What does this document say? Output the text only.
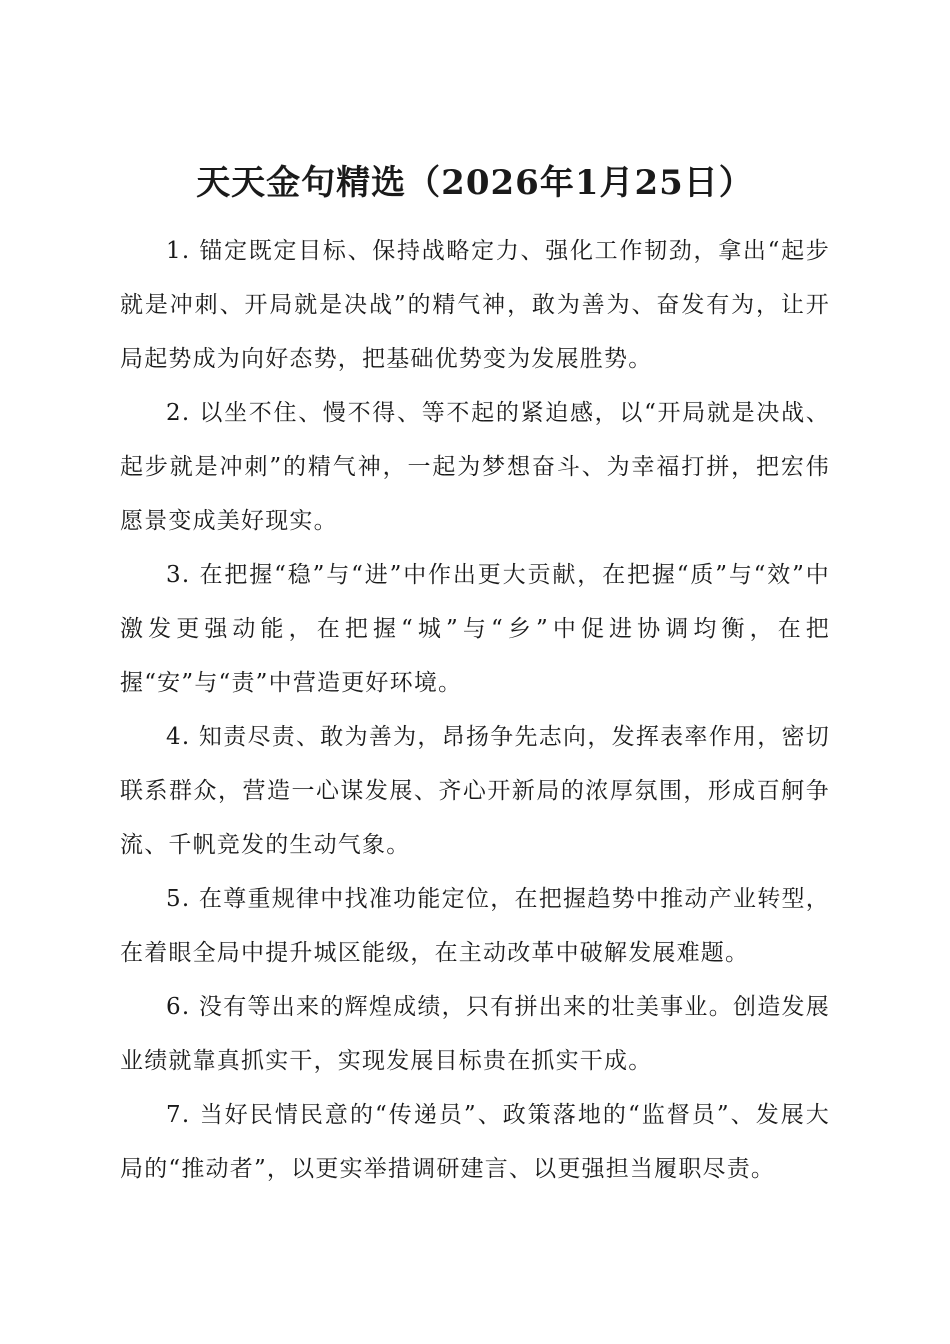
天天金句精选（2026年1月25日）

1. 锚定既定目标、保持战略定力、强化工作韧劲，拿出“起步就是冲刺、开局就是决战”的精气神，敢为善为、奋发有为，让开局起势成为向好态势，把基础优势变为发展胜势。

2. 以坐不住、慢不得、等不起的紧迫感，以“开局就是决战、起步就是冲刺”的精气神，一起为梦想奋斗、为幸福打拼，把宏伟愿景变成美好现实。

3. 在把握“稳”与“进”中作出更大贡献，在把握“质”与“效”中激发更强动能，在把握“城”与“乡”中促进协调均衡，在把握“安”与“责”中营造更好环境。

4. 知责尽责、敢为善为，昂扬争先志向，发挥表率作用，密切联系群众，营造一心谋发展、齐心开新局的浓厚氛围，形成百舸争流、千帆竞发的生动气象。

5. 在尊重规律中找准功能定位，在把握趋势中推动产业转型，在着眼全局中提升城区能级，在主动改革中破解发展难题。

6. 没有等出来的辉煌成绩，只有拼出来的壮美事业。创造发展业绩就靠真抓实干，实现发展目标贵在抓实干成。

7. 当好民情民意的“传递员”、政策落地的“监督员”、发展大局的“推动者”，以更实举措调研建言、以更强担当履职尽责。
